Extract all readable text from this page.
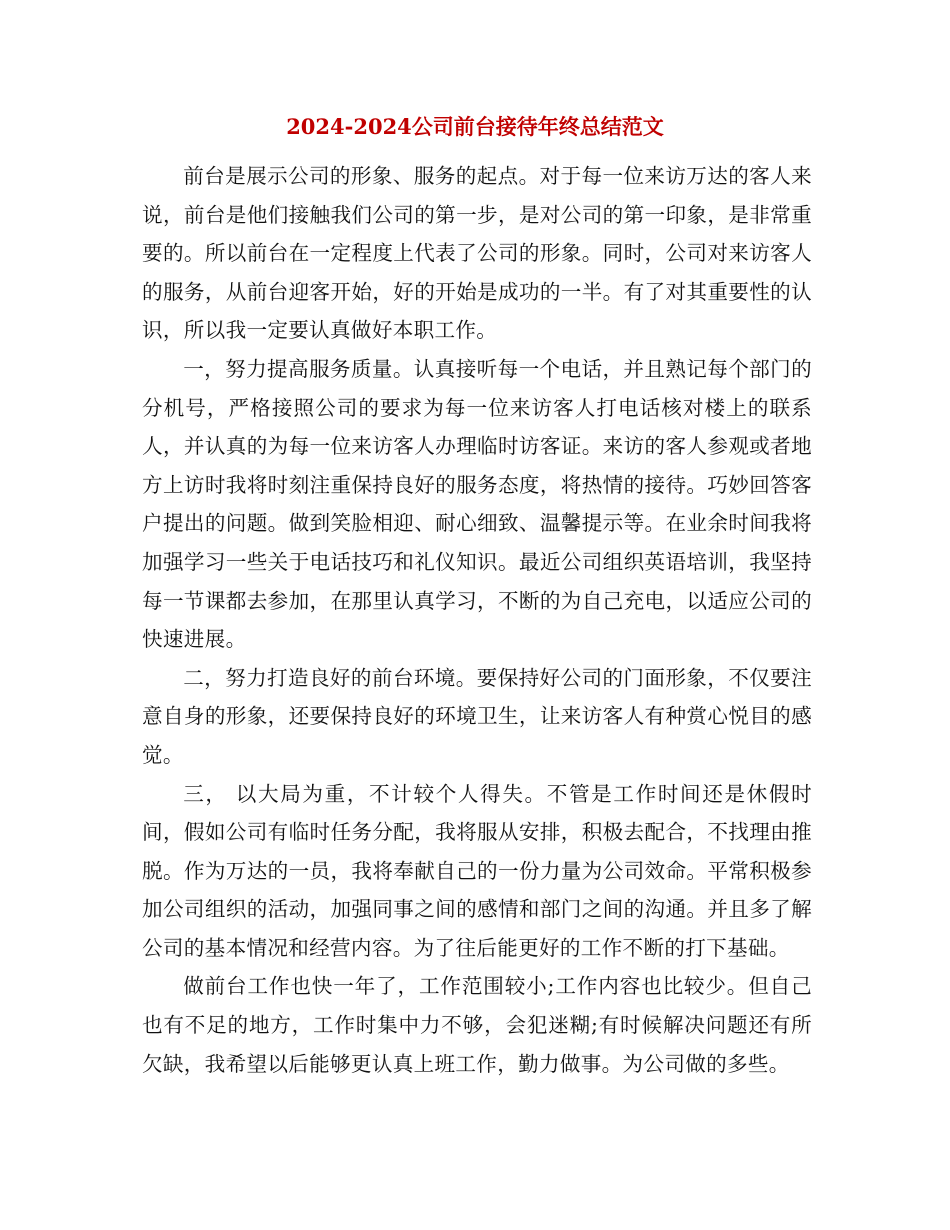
2024-2024公司前台接待年终总结范文

前台是展示公司的形象、服务的起点。对于每一位来访万达的客人来说，前台是他们接触我们公司的第一步，是对公司的第一印象，是非常重要的。所以前台在一定程度上代表了公司的形象。同时，公司对来访客人的服务，从前台迎客开始，好的开始是成功的一半。有了对其重要性的认识，所以我一定要认真做好本职工作。

一，努力提高服务质量。认真接听每一个电话，并且熟记每个部门的分机号，严格接照公司的要求为每一位来访客人打电话核对楼上的联系人，并认真的为每一位来访客人办理临时访客证。来访的客人参观或者地方上访时我将时刻注重保持良好的服务态度，将热情的接待。巧妙回答客户提出的问题。做到笑脸相迎、耐心细致、温馨提示等。在业余时间我将加强学习一些关于电话技巧和礼仪知识。最近公司组织英语培训，我坚持每一节课都去参加，在那里认真学习，不断的为自己充电，以适应公司的快速进展。

二，努力打造良好的前台环境。要保持好公司的门面形象，不仅要注意自身的形象，还要保持良好的环境卫生，让来访客人有种赏心悦目的感觉。

三， 以大局为重，不计较个人得失。不管是工作时间还是休假时间，假如公司有临时任务分配，我将服从安排，积极去配合，不找理由推脱。作为万达的一员，我将奉献自己的一份力量为公司效命。平常积极参加公司组织的活动，加强同事之间的感情和部门之间的沟通。并且多了解公司的基本情况和经营内容。为了往后能更好的工作不断的打下基础。

做前台工作也快一年了，工作范围较小;工作内容也比较少。但自己也有不足的地方，工作时集中力不够，会犯迷糊;有时候解决问题还有所欠缺，我希望以后能够更认真上班工作，勤力做事。为公司做的多些。
